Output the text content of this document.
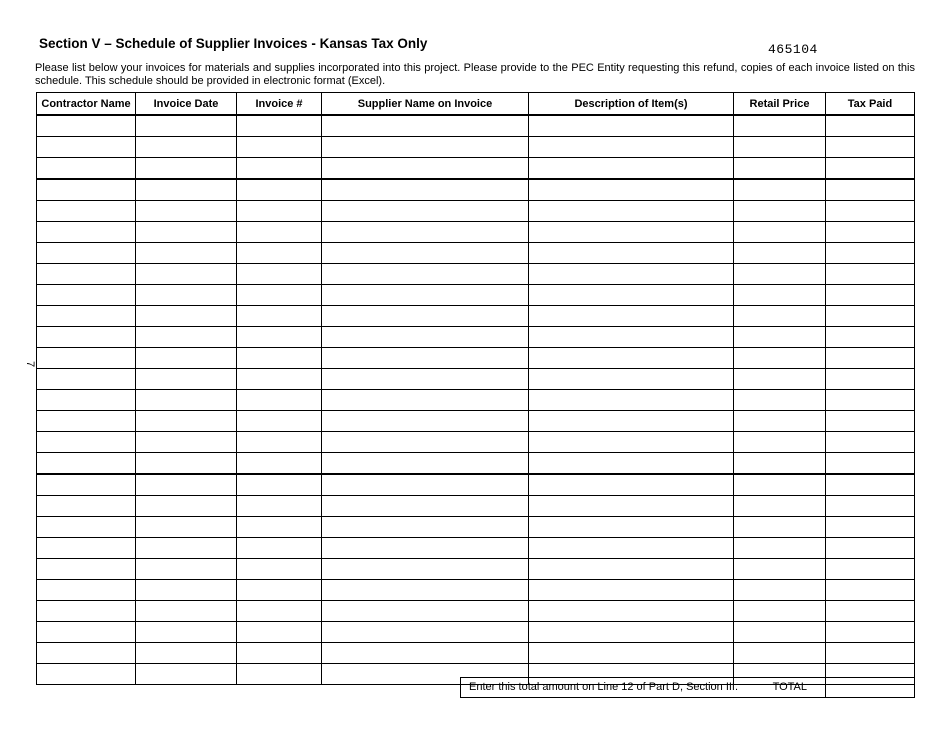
Section V – Schedule of Supplier Invoices - Kansas Tax Only	465104
Please list below your invoices for materials and supplies incorporated into this project. Please provide to the PEC Entity requesting this refund, copies of each invoice listed on this schedule. This schedule should be provided in electronic format (Excel).
7
Contractor Name	Invoice Date	Invoice #	Supplier Name on Invoice	Description of Item(s)	Retail Price	Tax Paid

Enter this total amount on Line 12 of Part D, Section III.	TOTAL
